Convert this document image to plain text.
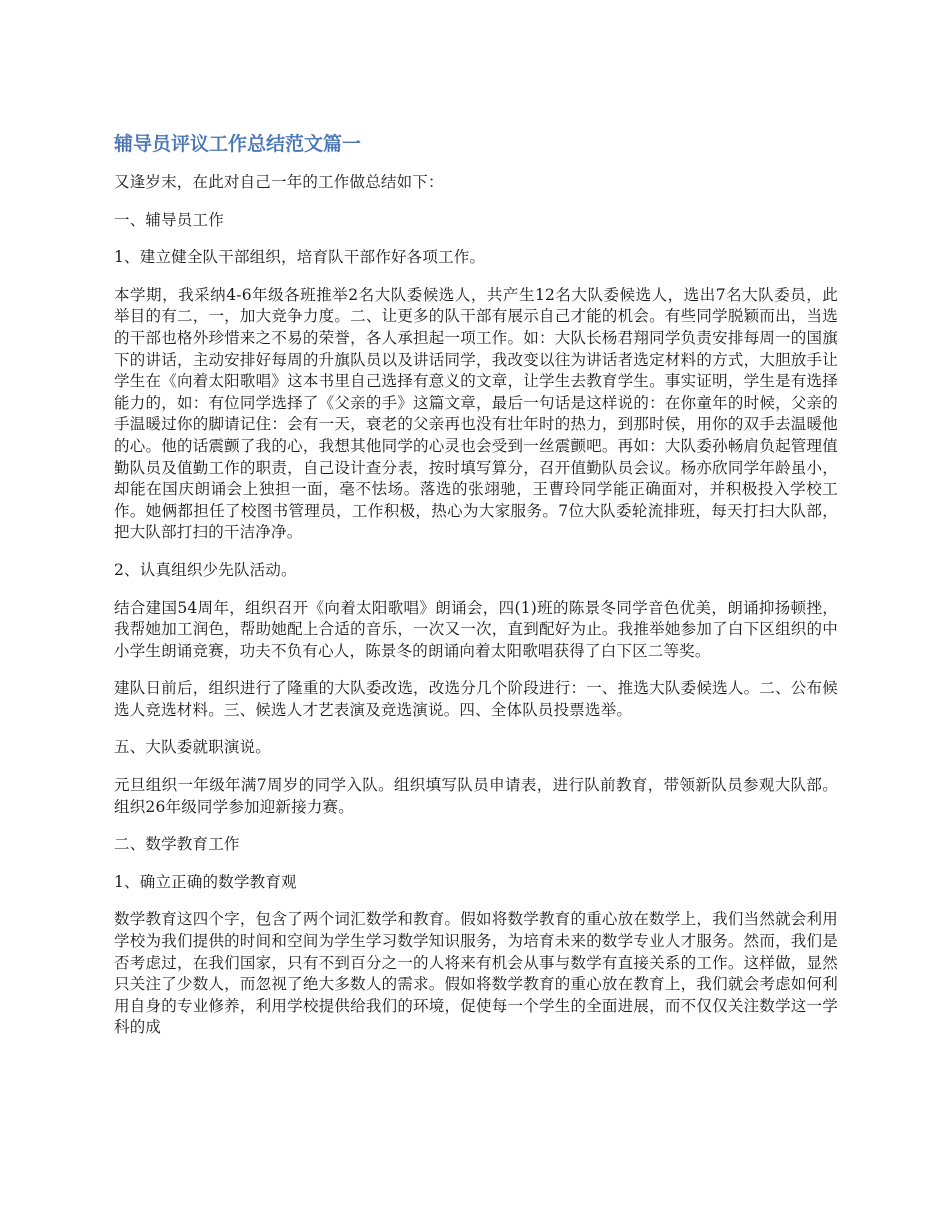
辅导员评议工作总结范文篇一

又逢岁末，在此对自己一年的工作做总结如下：

一、辅导员工作

1、建立健全队干部组织，培育队干部作好各项工作。

本学期，我采纳4-6年级各班推举2名大队委候选人，共产生12名大队委候选人，选出7名大队委员，此举目的有二，一，加大竞争力度。二、让更多的队干部有展示自己才能的机会。有些同学脱颖而出，当选的干部也格外珍惜来之不易的荣誉，各人承担起一项工作。如：大队长杨君翔同学负责安排每周一的国旗下的讲话，主动安排好每周的升旗队员以及讲话同学，我改变以往为讲话者选定材料的方式，大胆放手让学生在《向着太阳歌唱》这本书里自己选择有意义的文章，让学生去教育学生。事实证明，学生是有选择能力的，如：有位同学选择了《父亲的手》这篇文章，最后一句话是这样说的：在你童年的时候，父亲的手温暖过你的脚请记住：会有一天，衰老的父亲再也没有壮年时的热力，到那时侯，用你的双手去温暖他的心。他的话震颤了我的心，我想其他同学的心灵也会受到一丝震颤吧。再如：大队委孙畅肩负起管理值勤队员及值勤工作的职责，自己设计查分表，按时填写算分，召开值勤队员会议。杨亦欣同学年龄虽小，却能在国庆朗诵会上独担一面，毫不怯场。落选的张翊驰，王曹玲同学能正确面对，并积极投入学校工作。她俩都担任了校图书管理员，工作积极，热心为大家服务。7位大队委轮流排班，每天打扫大队部，把大队部打扫的干洁净净。

2、认真组织少先队活动。

结合建国54周年，组织召开《向着太阳歌唱》朗诵会，四(1)班的陈景冬同学音色优美，朗诵抑扬顿挫，我帮她加工润色，帮助她配上合适的音乐，一次又一次，直到配好为止。我推举她参加了白下区组织的中小学生朗诵竞赛，功夫不负有心人，陈景冬的朗诵向着太阳歌唱获得了白下区二等奖。

建队日前后，组织进行了隆重的大队委改选，改选分几个阶段进行：一、推选大队委候选人。二、公布候选人竞选材料。三、候选人才艺表演及竞选演说。四、全体队员投票选举。

五、大队委就职演说。

元旦组织一年级年满7周岁的同学入队。组织填写队员申请表，进行队前教育，带领新队员参观大队部。组织26年级同学参加迎新接力赛。

二、数学教育工作

1、确立正确的数学教育观

数学教育这四个字，包含了两个词汇数学和教育。假如将数学教育的重心放在数学上，我们当然就会利用学校为我们提供的时间和空间为学生学习数学知识服务，为培育未来的数学专业人才服务。然而，我们是否考虑过，在我们国家，只有不到百分之一的人将来有机会从事与数学有直接关系的工作。这样做，显然只关注了少数人，而忽视了绝大多数人的需求。假如将数学教育的重心放在教育上，我们就会考虑如何利用自身的专业修养，利用学校提供给我们的环境，促使每一个学生的全面进展，而不仅仅关注数学这一学科的成
